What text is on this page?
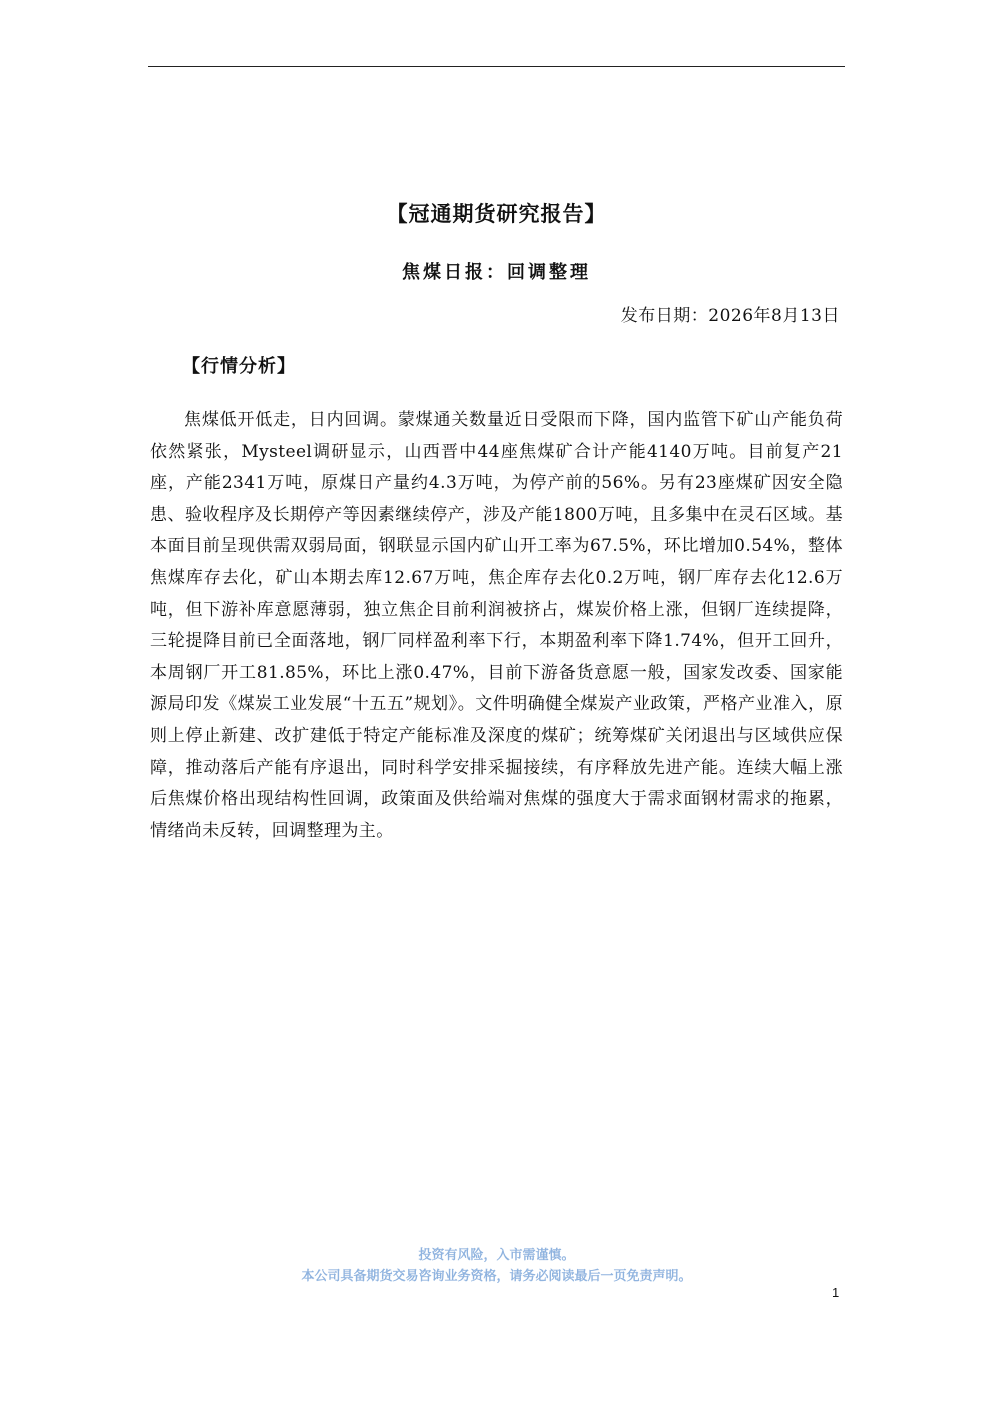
【冠通期货研究报告】
焦煤日报：回调整理
发布日期：2026年8月13日
【行情分析】

焦煤低开低走，日内回调。蒙煤通关数量近日受限而下降，国内监管下矿山产能负荷依然紧张，Mysteel调研显示，山西晋中44座焦煤矿合计产能4140万吨。目前复产21座，产能2341万吨，原煤日产量约4.3万吨，为停产前的56%。另有23座煤矿因安全隐患、验收程序及长期停产等因素继续停产，涉及产能1800万吨，且多集中在灵石区域。基本面目前呈现供需双弱局面，钢联显示国内矿山开工率为67.5%，环比增加0.54%，整体焦煤库存去化，矿山本期去库12.67万吨，焦企库存去化0.2万吨，钢厂库存去化12.6万吨，但下游补库意愿薄弱，独立焦企目前利润被挤占，煤炭价格上涨，但钢厂连续提降，三轮提降目前已全面落地，钢厂同样盈利率下行，本期盈利率下降1.74%，但开工回升，本周钢厂开工81.85%，环比上涨0.47%，目前下游备货意愿一般，国家发改委、国家能源局印发《煤炭工业发展“十五五”规划》。文件明确健全煤炭产业政策，严格产业准入，原则上停止新建、改扩建低于特定产能标准及深度的煤矿；统筹煤矿关闭退出与区域供应保障，推动落后产能有序退出，同时科学安排采掘接续，有序释放先进产能。连续大幅上涨后焦煤价格出现结构性回调，政策面及供给端对焦煤的强度大于需求面钢材需求的拖累，情绪尚未反转，回调整理为主。

投资有风险，入市需谨慎。
本公司具备期货交易咨询业务资格，请务必阅读最后一页免责声明。
1
